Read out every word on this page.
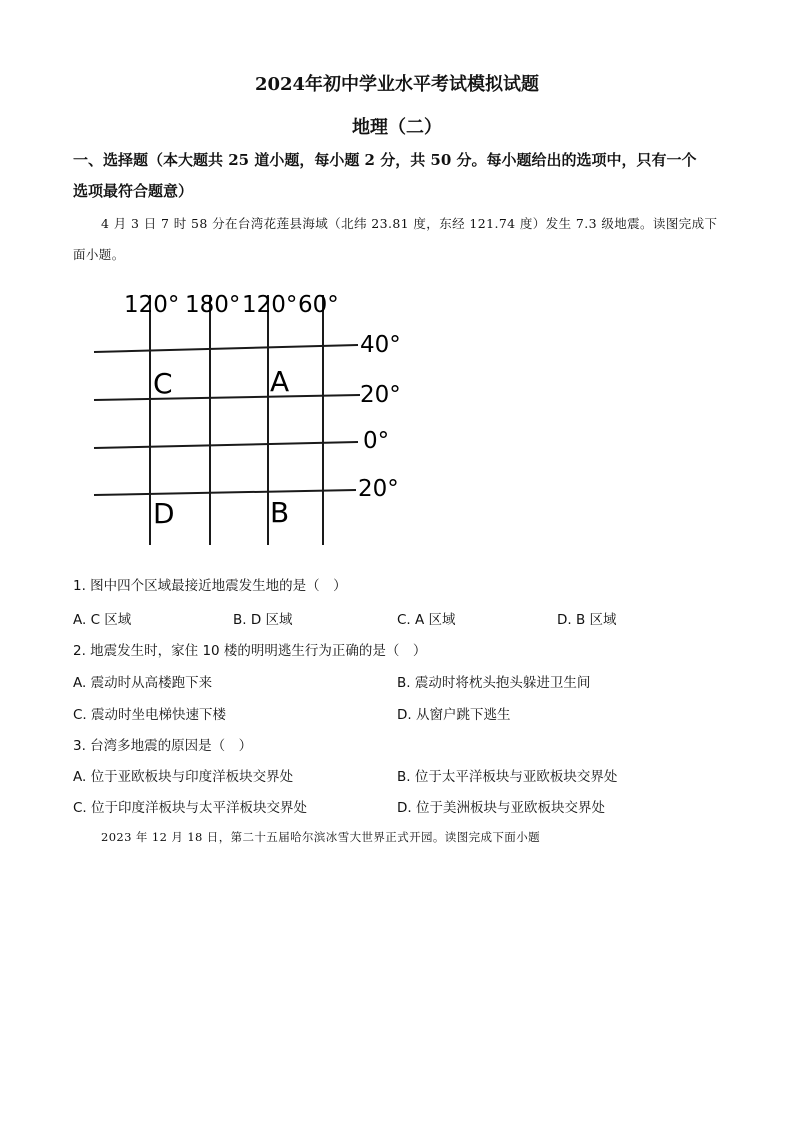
2024年初中学业水平考试模拟试题
地理（二）
一、选择题（本大题共 25 道小题，每小题 2 分，共 50 分。每小题给出的选项中，只有一个
选项最符合题意）
4 月 3 日 7 时 58 分在台湾花莲县海域（北纬 23.81 度，东经 121.74 度）发生 7.3 级地震。读图完成下
面小题。
120° 180° 120° 60°
40°
20°
0°
20°
C	A
D	B
1. 图中四个区域最接近地震发生地的是（　）
A. C 区域	B. D 区域	C. A 区域	D. B 区域
2. 地震发生时，家住 10 楼的明明逃生行为正确的是（　）
A. 震动时从高楼跑下来	B. 震动时将枕头抱头躲进卫生间
C. 震动时坐电梯快速下楼	D. 从窗户跳下逃生
3. 台湾多地震的原因是（　）
A. 位于亚欧板块与印度洋板块交界处	B. 位于太平洋板块与亚欧板块交界处
C. 位于印度洋板块与太平洋板块交界处	D. 位于美洲板块与亚欧板块交界处
2023 年 12 月 18 日，第二十五届哈尔滨冰雪大世界正式开园。读图完成下面小题
